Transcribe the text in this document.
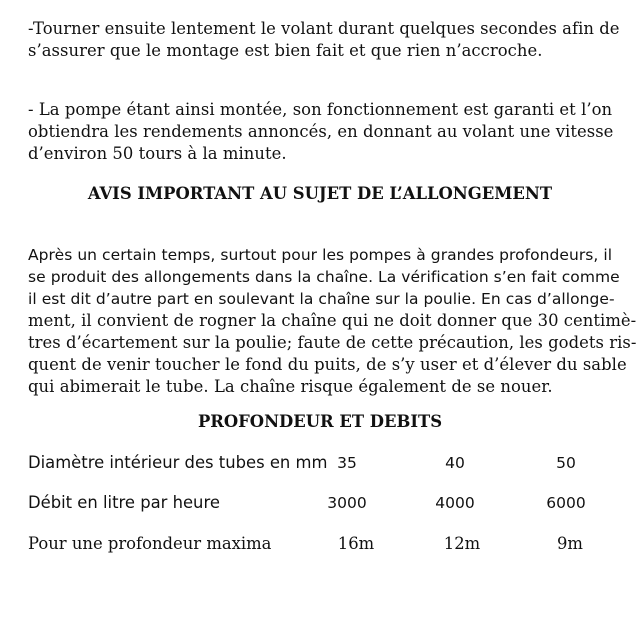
-Tourner ensuite lentement le volant durant quelques secondes afin de
s’assurer que le montage est bien fait et que rien n’accroche.
- La pompe étant ainsi montée, son fonctionnement est garanti et l’on
obtiendra les rendements annoncés, en donnant au volant une vitesse
d’environ 50 tours à la minute.
AVIS IMPORTANT AU SUJET DE L’ALLONGEMENT
Après un certain temps, surtout pour les pompes à grandes profondeurs, il
se produit des allongements dans la chaîne. La vérification s’en fait comme
il est dit d’autre part en soulevant la chaîne sur la poulie. En cas d’allonge-
ment, il convient de rogner la chaîne qui ne doit donner que 30 centimè-
tres d’écartement sur la poulie; faute de cette précaution, les godets ris-
quent de venir toucher le fond du puits, de s’y user et d’élever du sable
qui abimerait le tube. La chaîne risque également de se nouer.
PROFONDEUR ET DEBITS
Diamètre intérieur des tubes en mm 35	40	50
Débit en litre par heure	3000	4000	6000
Pour une profondeur maxima	16m	12m	9m
